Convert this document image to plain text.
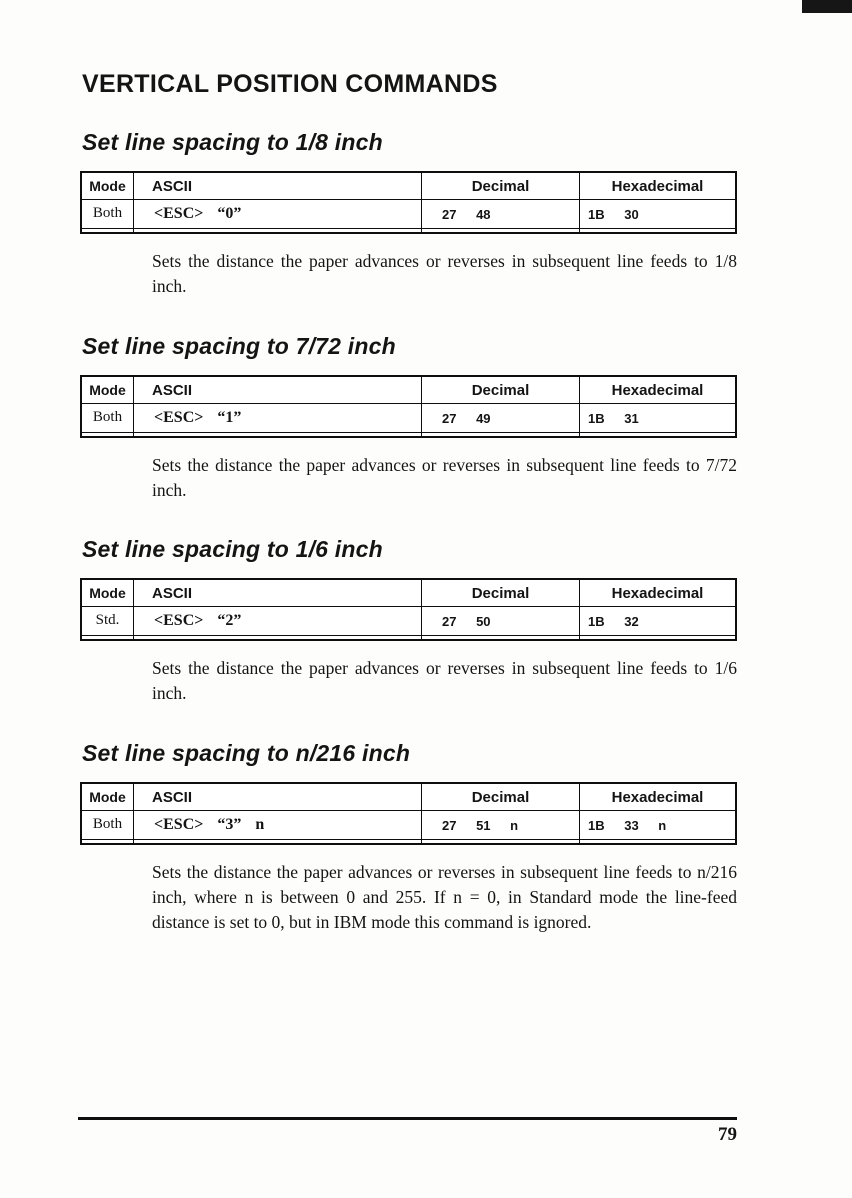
VERTICAL POSITION COMMANDS
Set line spacing to 1/8 inch
Mode	ASCII	Decimal	Hexadecimal
Both	<ESC> “0”	27 48	1B 30

Sets the distance the paper advances or reverses in subsequent line feeds to 1/8 inch.

Set line spacing to 7/72 inch
Mode	ASCII	Decimal	Hexadecimal
Both	<ESC> “1”	27 49	1B 31

Sets the distance the paper advances or reverses in subsequent line feeds to 7/72 inch.

Set line spacing to 1/6 inch
Mode	ASCII	Decimal	Hexadecimal
Std.	<ESC> “2”	27 50	1B 32

Sets the distance the paper advances or reverses in subsequent line feeds to 1/6 inch.

Set line spacing to n/216 inch
Mode	ASCII	Decimal	Hexadecimal
Both	<ESC> “3” n	27 51 n	1B 33 n

Sets the distance the paper advances or reverses in subsequent line feeds to n/216 inch, where n is between 0 and 255. If n = 0, in Standard mode the line-feed distance is set to 0, but in IBM mode this command is ignored.

79
